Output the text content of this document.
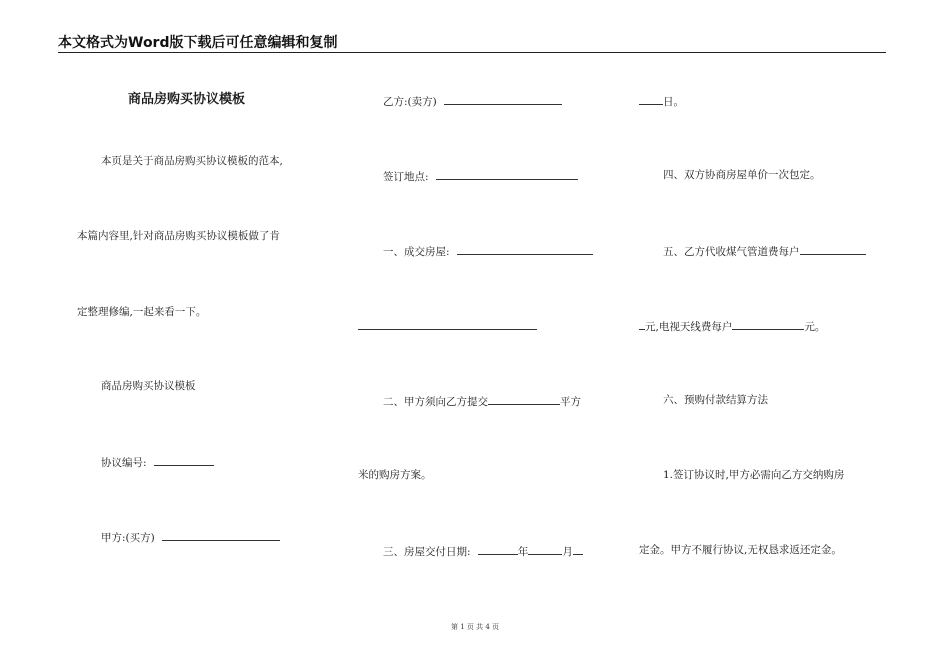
本文格式为Word版下载后可任意编辑和复制
商品房购买协议模板
本页是关于商品房购买协议模板的范本,
本篇内容里,针对商品房购买协议模板做了肯
定整理修编,一起来看一下。
商品房购买协议模板
协议编号:
甲方:(买方)
乙方:(卖方)
签订地点:
一、成交房屋:
二、甲方须向乙方提交	平方
米的购房方案。
三、房屋交付日期:	年	月
日。
四、双方协商房屋单价一次包定。
五、乙方代收煤气管道费每户
元,电视天线费每户	元。
六、预购付款结算方法
1.签订协议时,甲方必需向乙方交纳购房
定金。甲方不履行协议,无权恳求返还定金。
第 1 页 共 4 页
